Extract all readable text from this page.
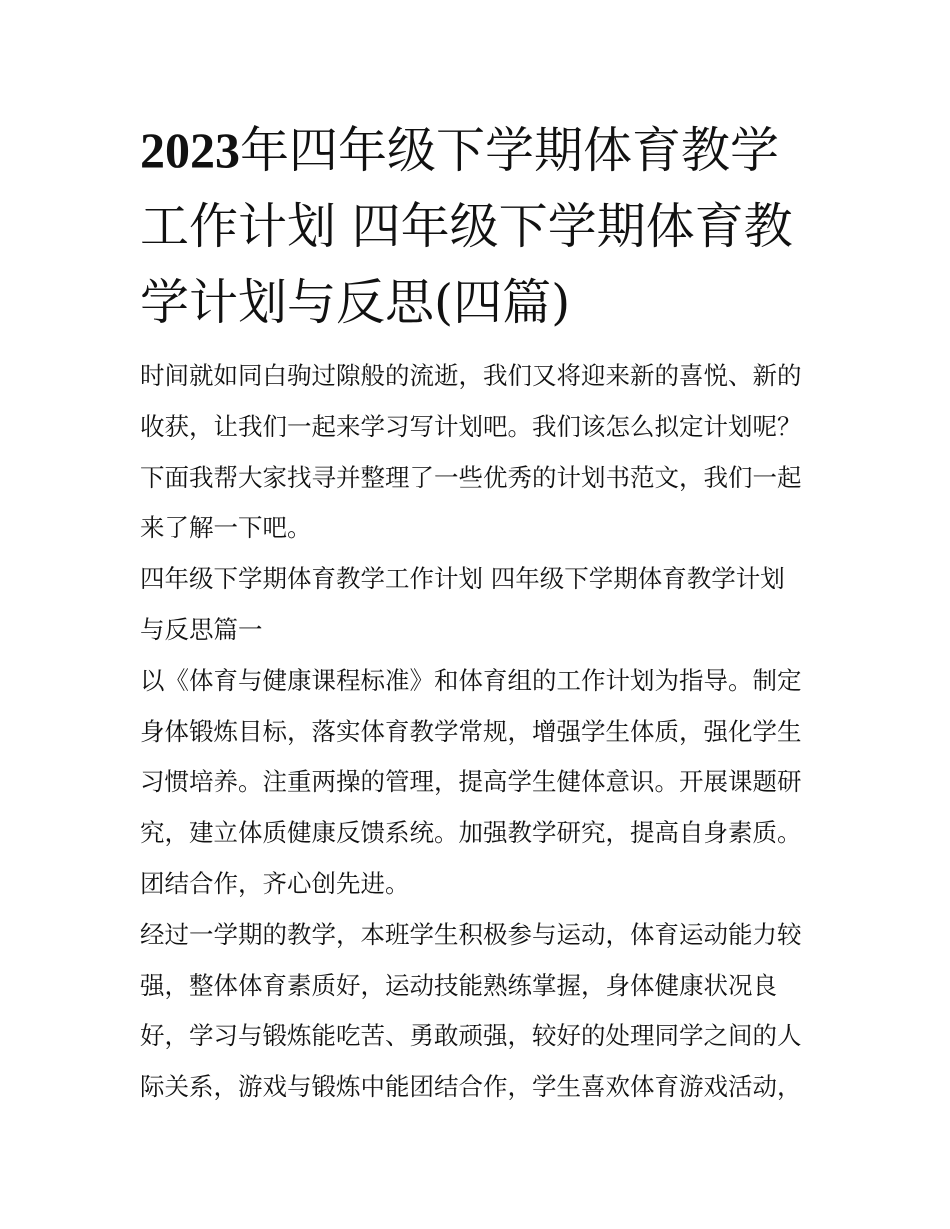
2023年四年级下学期体育教学
工作计划 四年级下学期体育教
学计划与反思(四篇)

时间就如同白驹过隙般的流逝，我们又将迎来新的喜悦、新的
收获，让我们一起来学习写计划吧。我们该怎么拟定计划呢？
下面我帮大家找寻并整理了一些优秀的计划书范文，我们一起
来了解一下吧。

四年级下学期体育教学工作计划 四年级下学期体育教学计划
与反思篇一

以《体育与健康课程标准》和体育组的工作计划为指导。制定
身体锻炼目标，落实体育教学常规，增强学生体质，强化学生
习惯培养。注重两操的管理，提高学生健体意识。开展课题研
究，建立体质健康反馈系统。加强教学研究，提高自身素质。
团结合作，齐心创先进。

经过一学期的教学，本班学生积极参与运动，体育运动能力较
强，整体体育素质好，运动技能熟练掌握，身体健康状况良
好，学习与锻炼能吃苦、勇敢顽强，较好的处理同学之间的人
际关系，游戏与锻炼中能团结合作，学生喜欢体育游戏活动，
